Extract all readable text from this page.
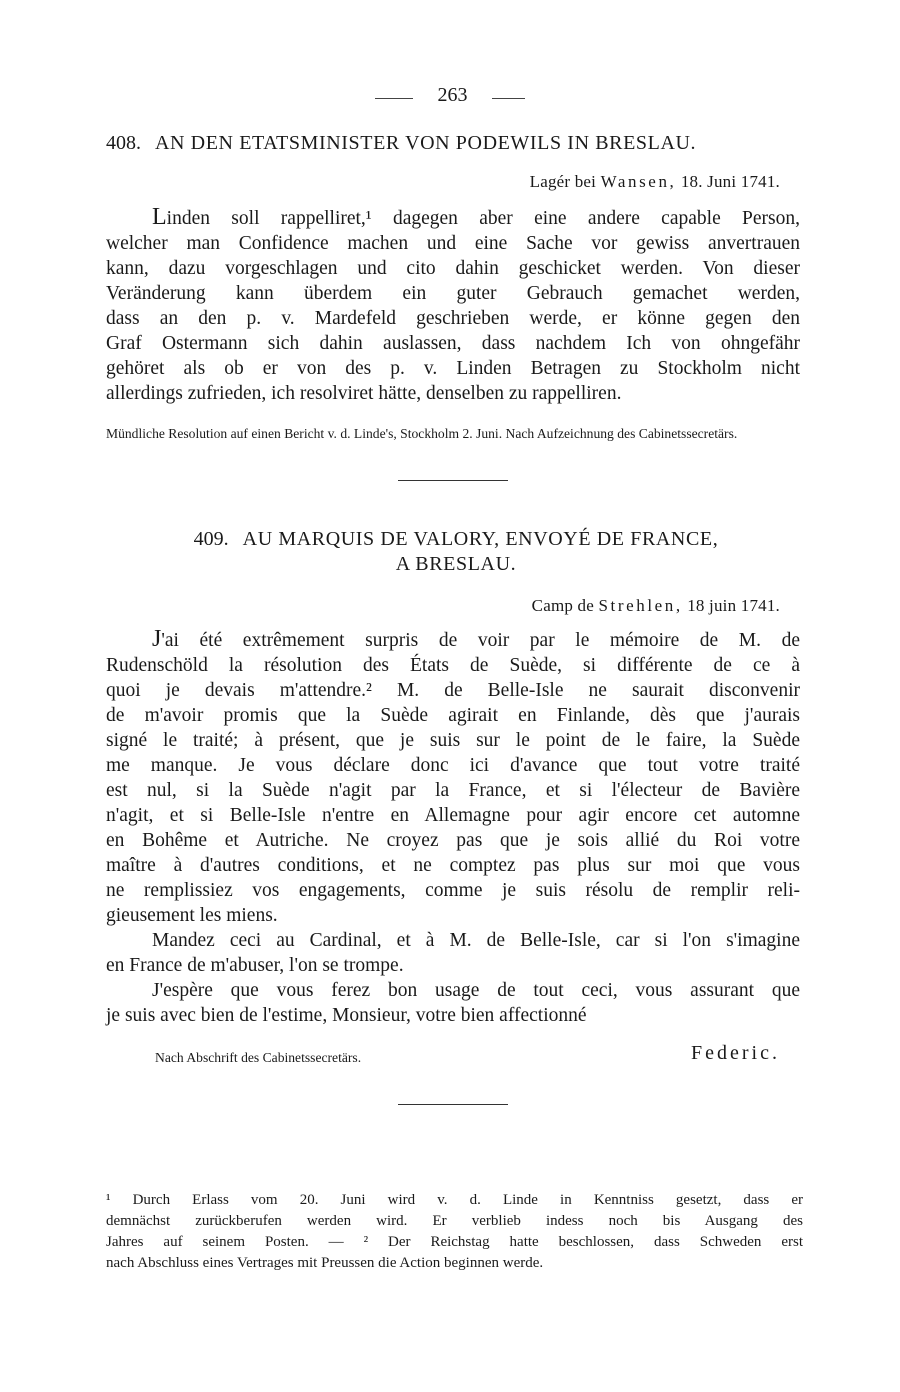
263
408. AN DEN ETATSMINISTER VON PODEWILS IN BRESLAU.
Lagér bei Wansen, 18. Juni 1741.

Linden soll rappelliret,¹ dagegen aber eine andere capable Person,

welcher man Confidence machen und eine Sache vor gewiss anvertrauen

kann, dazu vorgeschlagen und cito dahin geschicket werden. Von dieser

Veränderung kann überdem ein guter Gebrauch gemachet werden,

dass an den p. v. Mardefeld geschrieben werde, er könne gegen den

Graf Ostermann sich dahin auslassen, dass nachdem Ich von ohngefähr

gehöret als ob er von des p. v. Linden Betragen zu Stockholm nicht

allerdings zufrieden, ich resolviret hätte, denselben zu rappelliren.

Mündliche Resolution auf einen Bericht v. d. Linde's, Stockholm 2. Juni. Nach Aufzeichnung des Cabinetssecretärs.
409. AU MARQUIS DE VALORY, ENVOYÉ DE FRANCE,
A BRESLAU.
Camp de Strehlen, 18 juin 1741.

J'ai été extrêmement surpris de voir par le mémoire de M. de

Rudenschöld la résolution des États de Suède, si différente de ce à

quoi je devais m'attendre.² M. de Belle-Isle ne saurait disconvenir

de m'avoir promis que la Suède agirait en Finlande, dès que j'aurais

signé le traité; à présent, que je suis sur le point de le faire, la Suède

me manque. Je vous déclare donc ici d'avance que tout votre traité

est nul, si la Suède n'agit par la France, et si l'électeur de Bavière

n'agit, et si Belle-Isle n'entre en Allemagne pour agir encore cet automne

en Bohême et Autriche. Ne croyez pas que je sois allié du Roi votre

maître à d'autres conditions, et ne comptez pas plus sur moi que vous

ne remplissiez vos engagements, comme je suis résolu de remplir reli-

gieusement les miens.

Mandez ceci au Cardinal, et à M. de Belle-Isle, car si l'on s'imagine

en France de m'abuser, l'on se trompe.

J'espère que vous ferez bon usage de tout ceci, vous assurant que

je suis avec bien de l'estime, Monsieur, votre bien affectionné

Nach Abschrift des Cabinetssecretärs.	Federic.

¹ Durch Erlass vom 20. Juni wird v. d. Linde in Kenntniss gesetzt, dass er

demnächst zurückberufen werden wird. Er verblieb indess noch bis Ausgang des

Jahres auf seinem Posten. — ² Der Reichstag hatte beschlossen, dass Schweden erst

nach Abschluss eines Vertrages mit Preussen die Action beginnen werde.
